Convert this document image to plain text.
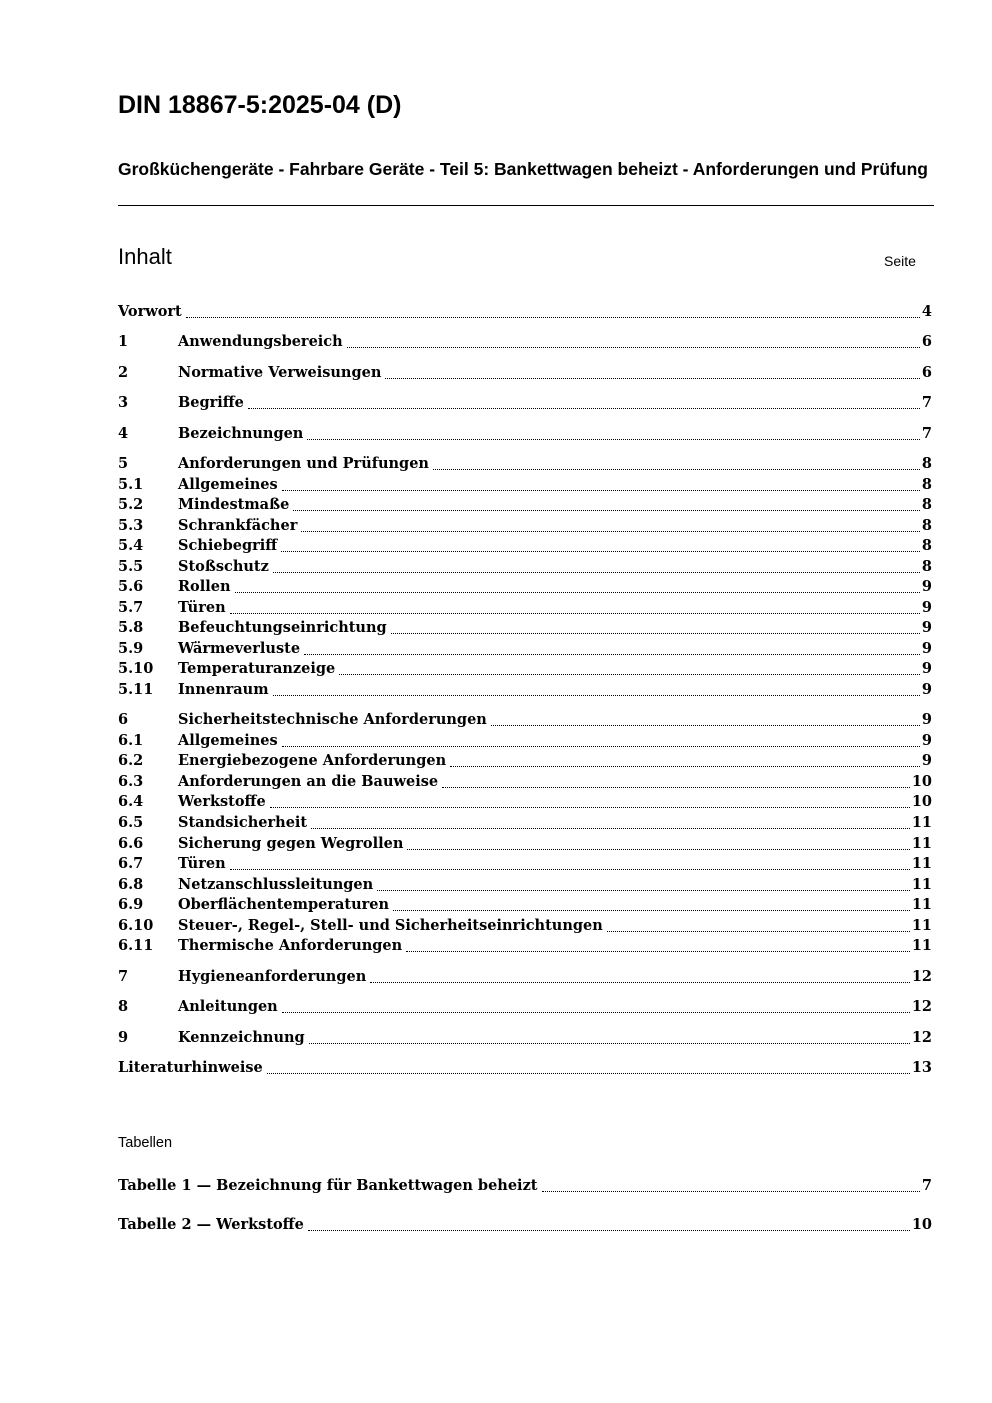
DIN 18867-5:2025-04 (D)
Großküchengeräte - Fahrbare Geräte - Teil 5: Bankettwagen beheizt - Anforderungen und Prüfung
Inhalt	Seite
Vorwort	4
1	Anwendungsbereich	6
2	Normative Verweisungen	6
3	Begriffe	7
4	Bezeichnungen	7
5	Anforderungen und Prüfungen	8
5.1	Allgemeines	8
5.2	Mindestmaße	8
5.3	Schrankfächer	8
5.4	Schiebegriff	8
5.5	Stoßschutz	8
5.6	Rollen	9
5.7	Türen	9
5.8	Befeuchtungseinrichtung	9
5.9	Wärmeverluste	9
5.10	Temperaturanzeige	9
5.11	Innenraum	9
6	Sicherheitstechnische Anforderungen	9
6.1	Allgemeines	9
6.2	Energiebezogene Anforderungen	9
6.3	Anforderungen an die Bauweise	10
6.4	Werkstoffe	10
6.5	Standsicherheit	11
6.6	Sicherung gegen Wegrollen	11
6.7	Türen	11
6.8	Netzanschlussleitungen	11
6.9	Oberflächentemperaturen	11
6.10	Steuer-, Regel-, Stell- und Sicherheitseinrichtungen	11
6.11	Thermische Anforderungen	11
7	Hygieneanforderungen	12
8	Anleitungen	12
9	Kennzeichnung	12
Literaturhinweise	13
Tabellen
Tabelle 1 — Bezeichnung für Bankettwagen beheizt	7
Tabelle 2 — Werkstoffe	10
